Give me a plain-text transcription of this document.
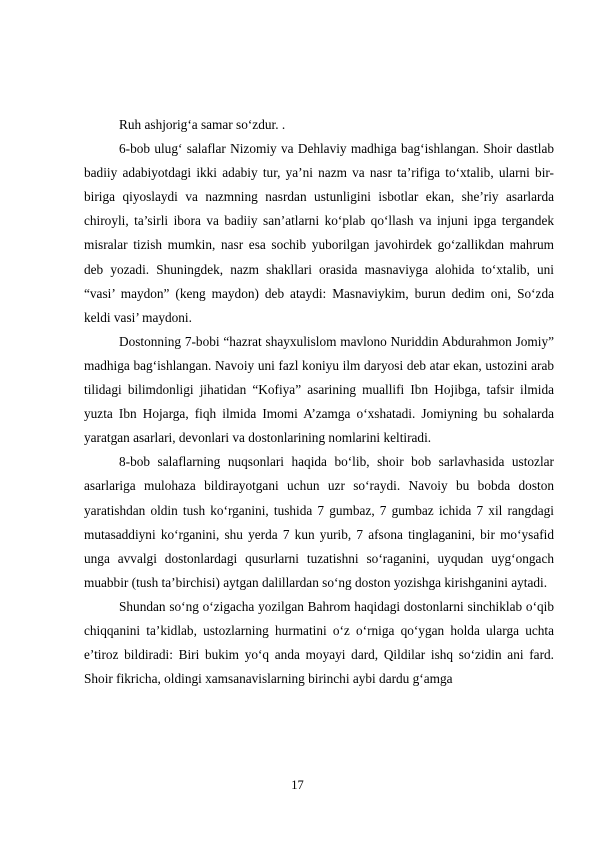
Ruh ashjorig‘a samar so‘zdur. .

6-bob ulug‘ salaflar Nizomiy va Dehlaviy madhiga bag‘ishlangan. Shoir dastlab badiiy adabiyotdagi ikki adabiy tur, ya’ni nazm va nasr ta’rifiga to‘xtalib, ularni bir-biriga qiyoslaydi va nazmning nasrdan ustunligini isbotlar ekan, she’riy asarlarda chiroyli, ta’sirli ibora va badiiy san’atlarni ko‘plab qo‘llash va injuni ipga tergandek misralar tizish mumkin, nasr esa sochib yuborilgan javohirdek go‘zallikdan mahrum deb yozadi. Shuningdek, nazm shakllari orasida masnaviyga alohida to‘xtalib, uni “vasi’ maydon” (keng maydon) deb ataydi: Masnaviykim, burun dedim oni, So‘zda keldi vasi’ maydoni.

Dostonning 7-bobi “hazrat shayxulislom mavlono Nuriddin Abdurahmon Jomiy” madhiga bag‘ishlangan. Navoiy uni fazl koniyu ilm daryosi deb atar ekan, ustozini arab tilidagi bilimdonligi jihatidan “Kofiya” asarining muallifi Ibn Hojibga, tafsir ilmida yuzta Ibn Hojarga, fiqh ilmida Imomi A’zamga o‘xshatadi. Jomiyning bu sohalarda yaratgan asarlari, devonlari va dostonlarining nomlarini keltiradi.

8-bob salaflarning nuqsonlari haqida bo‘lib, shoir bob sarlavhasida ustozlar asarlariga mulohaza bildirayotgani uchun uzr so‘raydi. Navoiy bu bobda doston yaratishdan oldin tush ko‘rganini, tushida 7 gumbaz, 7 gumbaz ichida 7 xil rangdagi mutasaddiyni ko‘rganini, shu yerda 7 kun yurib, 7 afsona tinglaganini, bir mo‘ysafid unga avvalgi dostonlardagi qusurlarni tuzatishni so‘raganini, uyqudan uyg‘ongach muabbir (tush ta’birchisi) aytgan dalillardan so‘ng doston yozishga kirishganini aytadi.

Shundan so‘ng o‘zigacha yozilgan Bahrom haqidagi dostonlarni sinchiklab o‘qib chiqqanini ta’kidlab, ustozlarning hurmatini o‘z o‘rniga qo‘ygan holda ularga uchta e’tiroz bildiradi: Biri bukim yo‘q anda moyayi dard, Qildilar ishq so‘zidin ani fard. Shoir fikricha, oldingi xamsanavislarning birinchi aybi dardu g‘amga

17
